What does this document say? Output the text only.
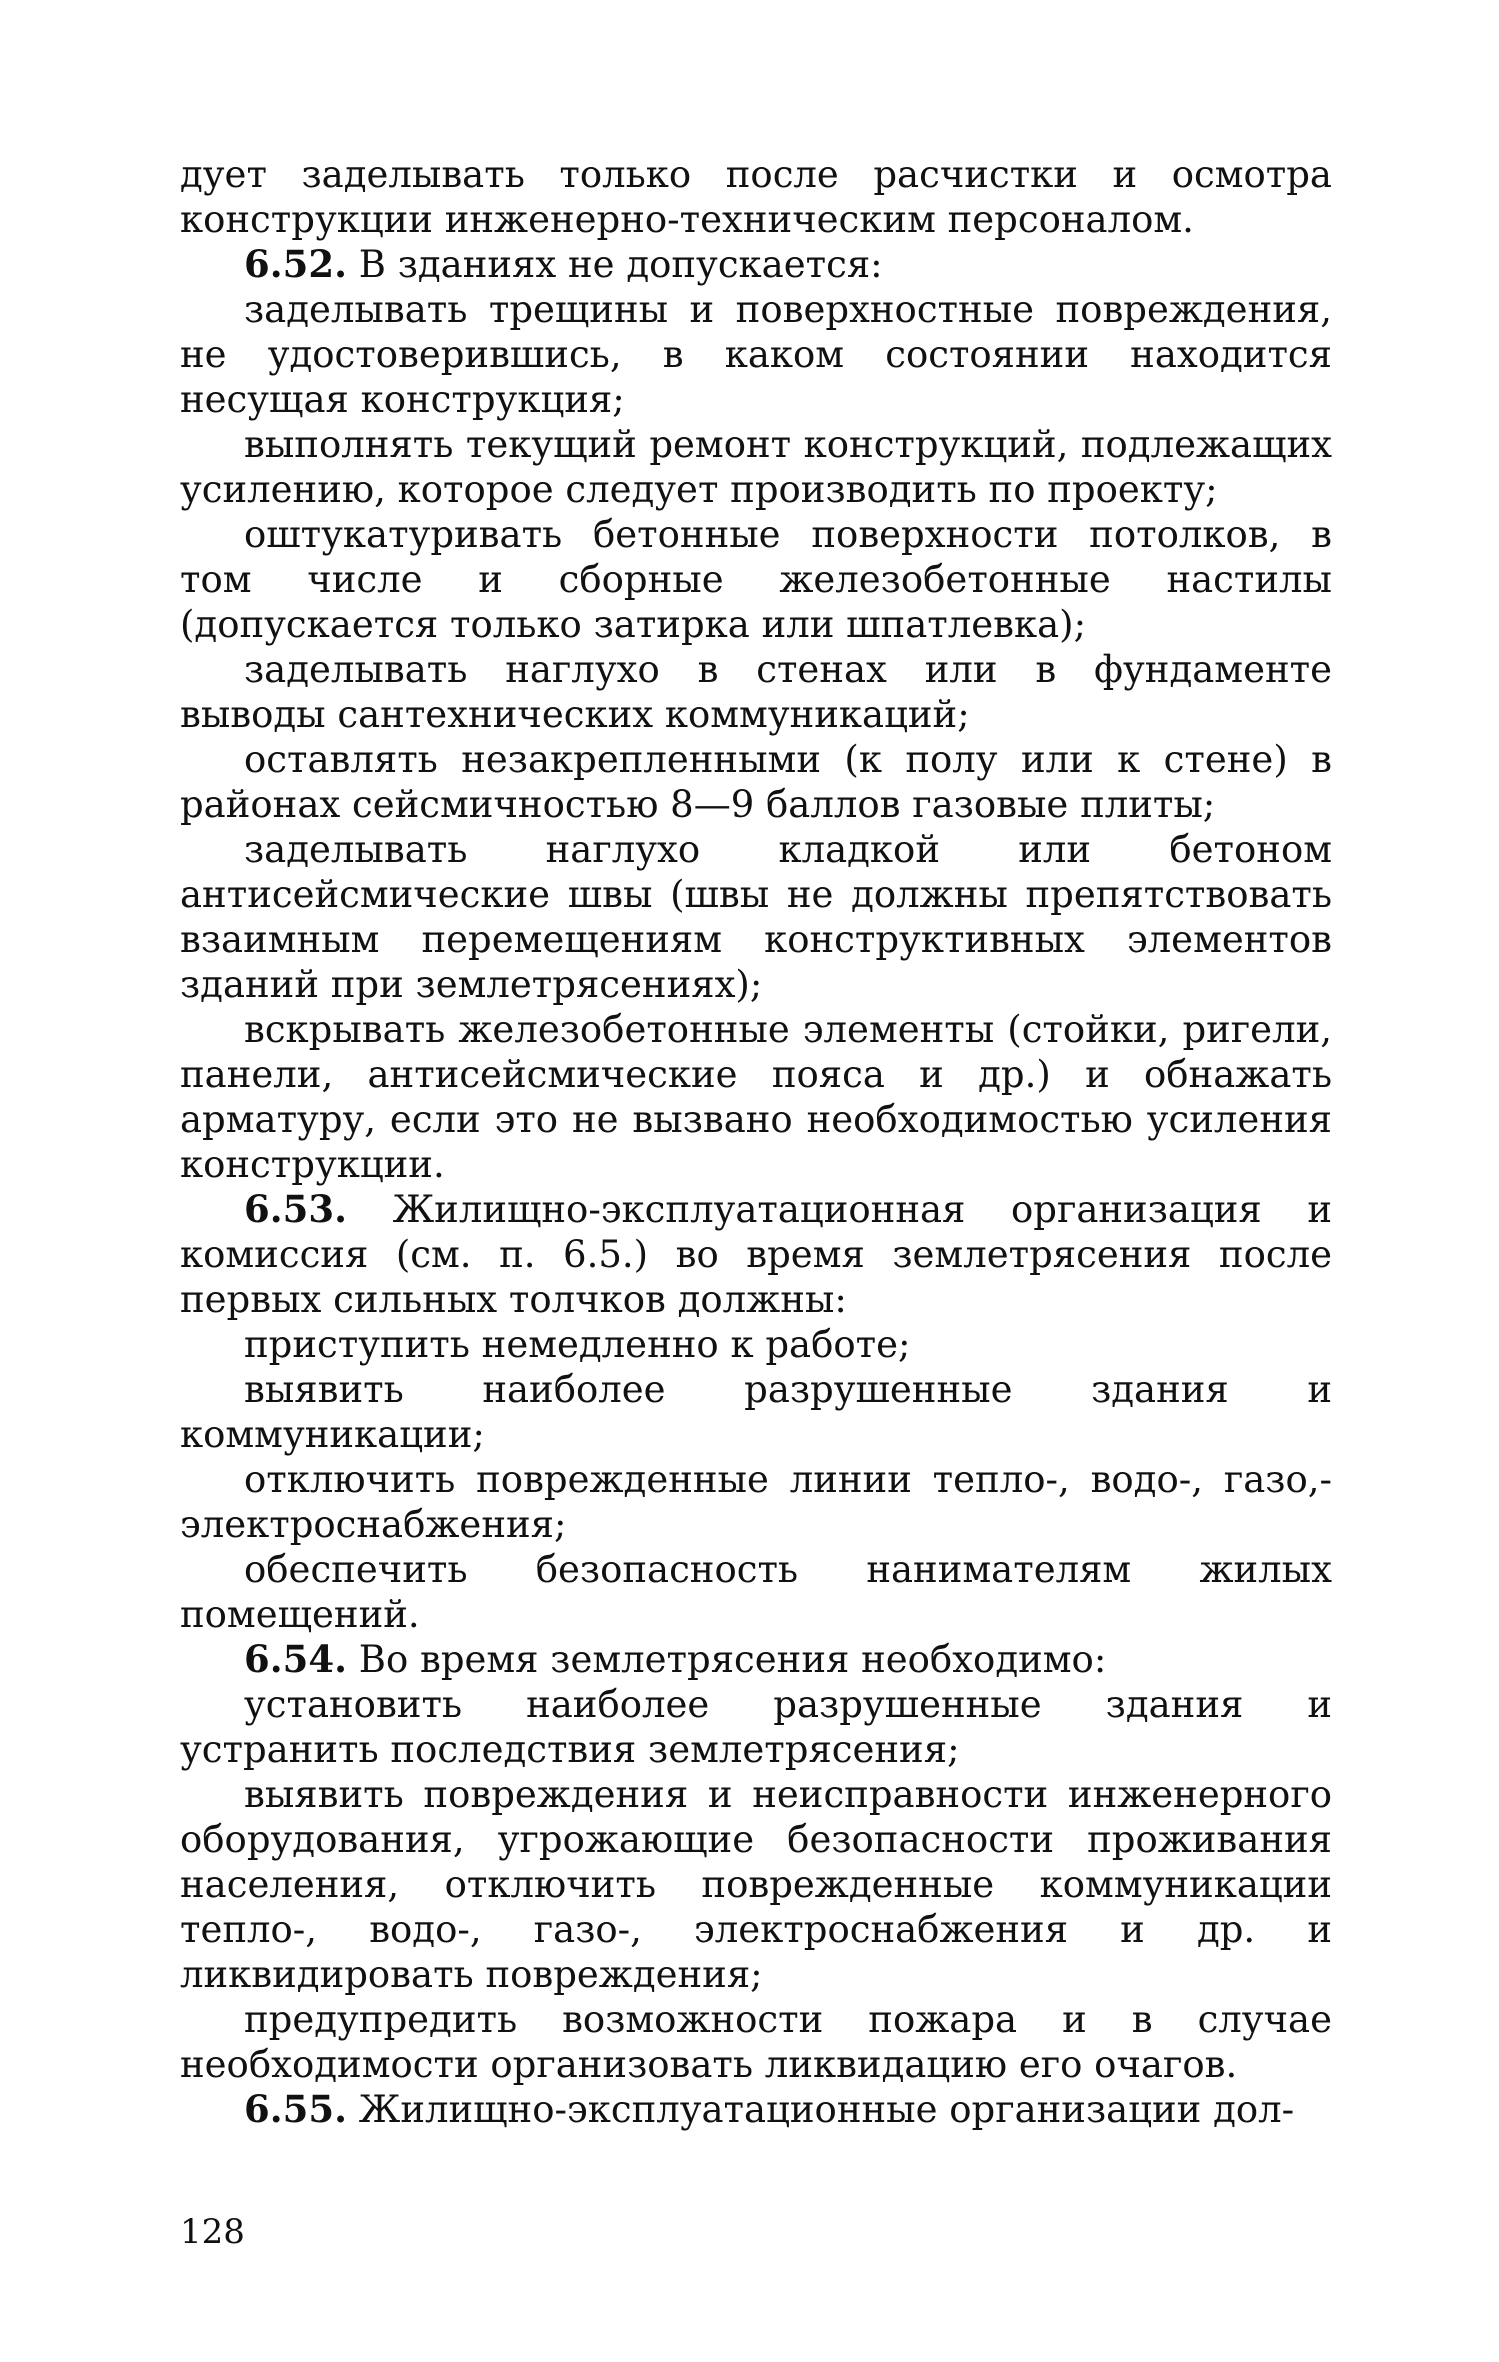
дует заделывать только после расчистки и осмотра конструкции инженерно-техническим персоналом.

6.52. В зданиях не допускается:

заделывать трещины и поверхностные повреждения, не удостоверившись, в каком состоянии находится несущая конструкция;

выполнять текущий ремонт конструкций, подлежащих усилению, которое следует производить по проекту;

оштукатуривать бетонные поверхности потолков, в том числе и сборные железобетонные настилы (допускается только затирка или шпатлевка);

заделывать наглухо в стенах или в фундаменте выводы сантехнических коммуникаций;

оставлять незакрепленными (к полу или к стене) в районах сейсмичностью 8—9 баллов газовые плиты;

заделывать наглухо кладкой или бетоном антисейсмические швы (швы не должны препятствовать взаимным перемещениям конструктивных элементов зданий при землетрясениях);

вскрывать железобетонные элементы (стойки, ригели, панели, антисейсмические пояса и др.) и обнажать арматуру, если это не вызвано необходимостью усиления конструкции.

6.53. Жилищно-эксплуатационная организация и комиссия (см. п. 6.5.) во время землетрясения после первых сильных толчков должны:

приступить немедленно к работе;

выявить наиболее разрушенные здания и коммуникации;

отключить поврежденные линии тепло-, водо-, газо,-электроснабжения;

обеспечить безопасность нанимателям жилых помещений.

6.54. Во время землетрясения необходимо:

установить наиболее разрушенные здания и устранить последствия землетрясения;

выявить повреждения и неисправности инженерного оборудования, угрожающие безопасности проживания населения, отключить поврежденные коммуникации тепло-, водо-, газо-, электроснабжения и др. и ликвидировать повреждения;

предупредить возможности пожара и в случае необходимости организовать ликвидацию его очагов.

6.55. Жилищно-эксплуатационные организации дол-

128
